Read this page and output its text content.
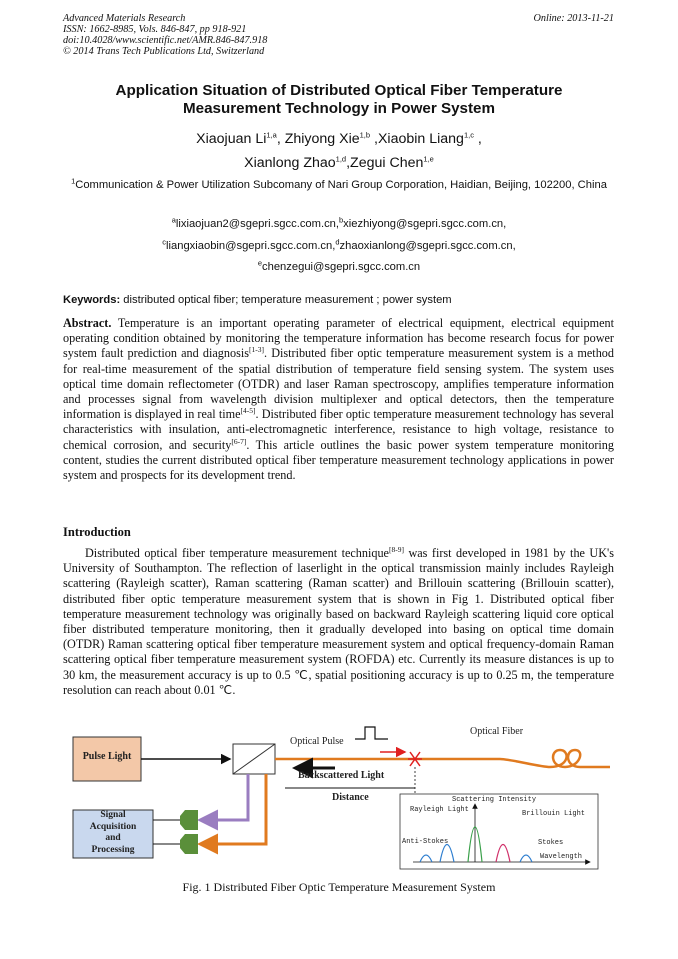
Advanced Materials Research
ISSN: 1662-8985, Vols. 846-847, pp 918-921
doi:10.4028/www.scientific.net/AMR.846-847.918
© 2014 Trans Tech Publications Ltd, Switzerland
Online: 2013-11-21
Application Situation of Distributed Optical Fiber Temperature
Measurement Technology in Power System
Xiaojuan Li$^{1,a}$, Zhiyong Xie$^{1,b}$ ,Xiaobin Liang$^{1,c}$ ,
Xianlong Zhao$^{1,d}$,Zegui Chen$^{1,e}$
$^1$Communication & Power Utilization Subcomany of Nari Group Corporation, Haidian, Beijing, 102200, China
$^a$lixiaojuan2@sgepri.sgcc.com.cn,$^b$xiezhiyong@sgepri.sgcc.com.cn,
$^c$liangxiaobin@sgepri.sgcc.com.cn,$^d$zhaoxianlong@sgepri.sgcc.com.cn,
$^e$chenzegui@sgepri.sgcc.com.cn
Keywords: distributed optical fiber; temperature measurement ; power system
Abstract. Temperature is an important operating parameter of electrical equipment, electrical equipment operating condition obtained by monitoring the temperature information has become research focus for power system fault prediction and diagnosis[1-3]. Distributed fiber optic temperature measurement system is a method for real-time measurement of the spatial distribution of temperature field sensing system. The system uses optical time domain reflectometer (OTDR) and laser Raman spectroscopy, amplifies temperature information and processes signal from wavelength division multiplexer and optical detectors, then the temperature information is displayed in real time[4-5]. Distributed fiber optic temperature measurement technology has several characteristics with insulation, anti-electromagnetic interference, resistance to high voltage, resistance to chemical corrosion, and security[6-7]. This article outlines the basic power system temperature monitoring content, studies the current distributed optical fiber temperature measurement technology applications in power system and prospects for its development trend.
Introduction
Distributed optical fiber temperature measurement technique[8-9] was first developed in 1981 by the UK's University of Southampton. The reflection of laserlight in the optical transmission mainly includes Rayleigh scattering (Rayleigh scatter), Raman scattering (Raman scatter) and Brillouin scattering (Brillouin scatter), distributed fiber optic temperature measurement system that is shown in Fig 1. Distributed optical fiber temperature measurement technology was originally based on backward Rayleigh scattering liquid core optical fiber distributed temperature monitoring, then it gradually developed into basing on optical time domain (OTDR) Raman scattering optical fiber temperature measurement system and optical frequency-domain Raman scattering optical fiber temperature measurement system (ROFDA) etc. Currently its measure distances is up to 30 km, the measurement accuracy is up to 0.5 ℃, spatial positioning accuracy is up to 0.25 m, the temperature resolution can reach about 0.01 ℃.
Pulse Light
Optical Pulse
Optical Fiber
Backscattered Light
Distance
Signal
Acquisition
and
Processing
Scattering Intensity
Rayleigh Light	Brillouin Light
Anti-Stokes	Stokes
Wavelength
Fig. 1 Distributed Fiber Optic Temperature Measurement System
